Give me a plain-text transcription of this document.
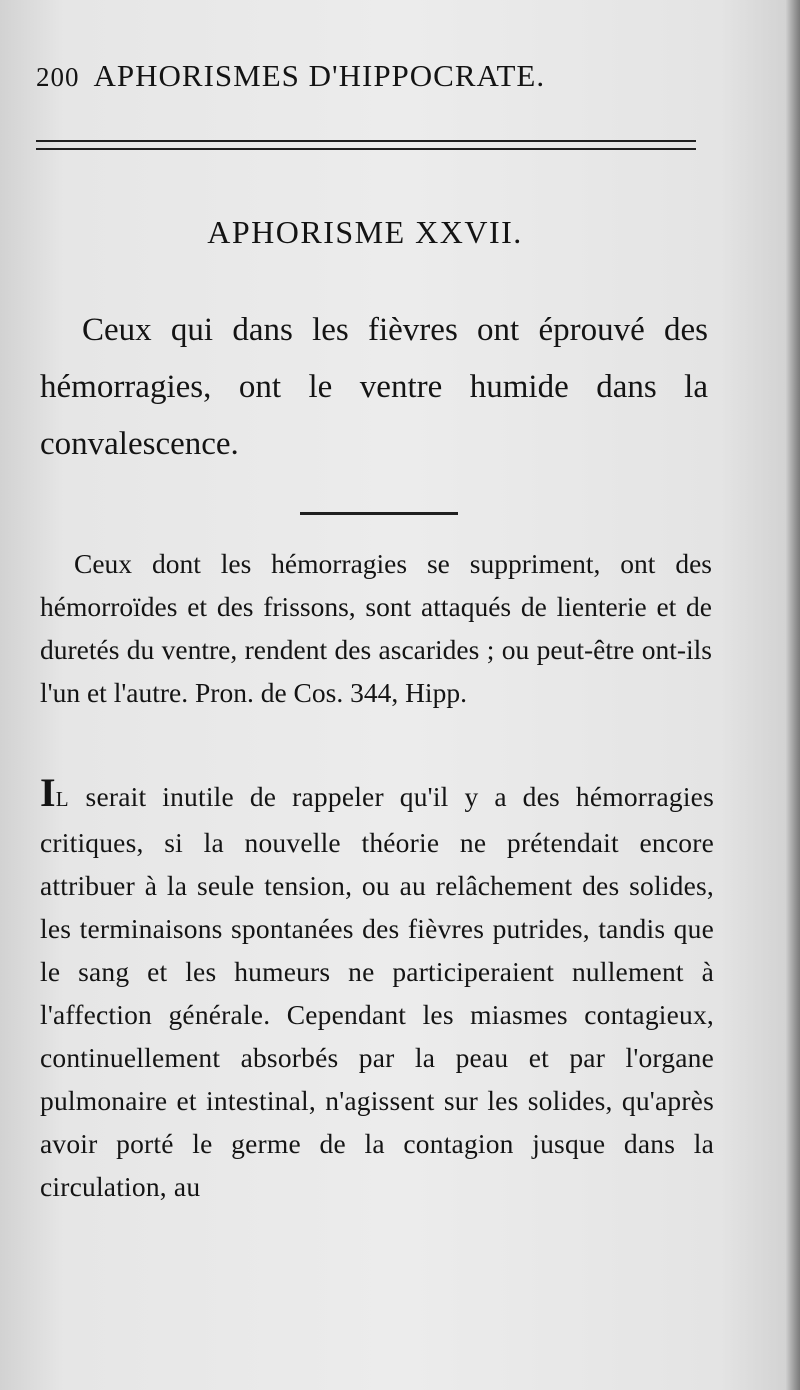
200 APHORISMES D'HIPPOCRATE.
APHORISME XXVII.

Ceux qui dans les fièvres ont éprouvé des hémorragies, ont le ventre humide dans la convalescence.

Ceux dont les hémorragies se suppriment, ont des hémorroïdes et des frissons, sont attaqués de lienterie et de duretés du ventre, rendent des ascarides ; ou peut-être ont-ils l'un et l'autre. Pron. de Cos. 344, Hipp.

IL serait inutile de rappeler qu'il y a des hémorragies critiques, si la nouvelle théorie ne prétendait encore attribuer à la seule tension, ou au relâchement des solides, les terminaisons spontanées des fièvres putrides, tandis que le sang et les humeurs ne participeraient nullement à l'affection générale. Cependant les miasmes contagieux, continuellement absorbés par la peau et par l'organe pulmonaire et intestinal, n'agissent sur les solides, qu'après avoir porté le germe de la contagion jusque dans la circulation, au
